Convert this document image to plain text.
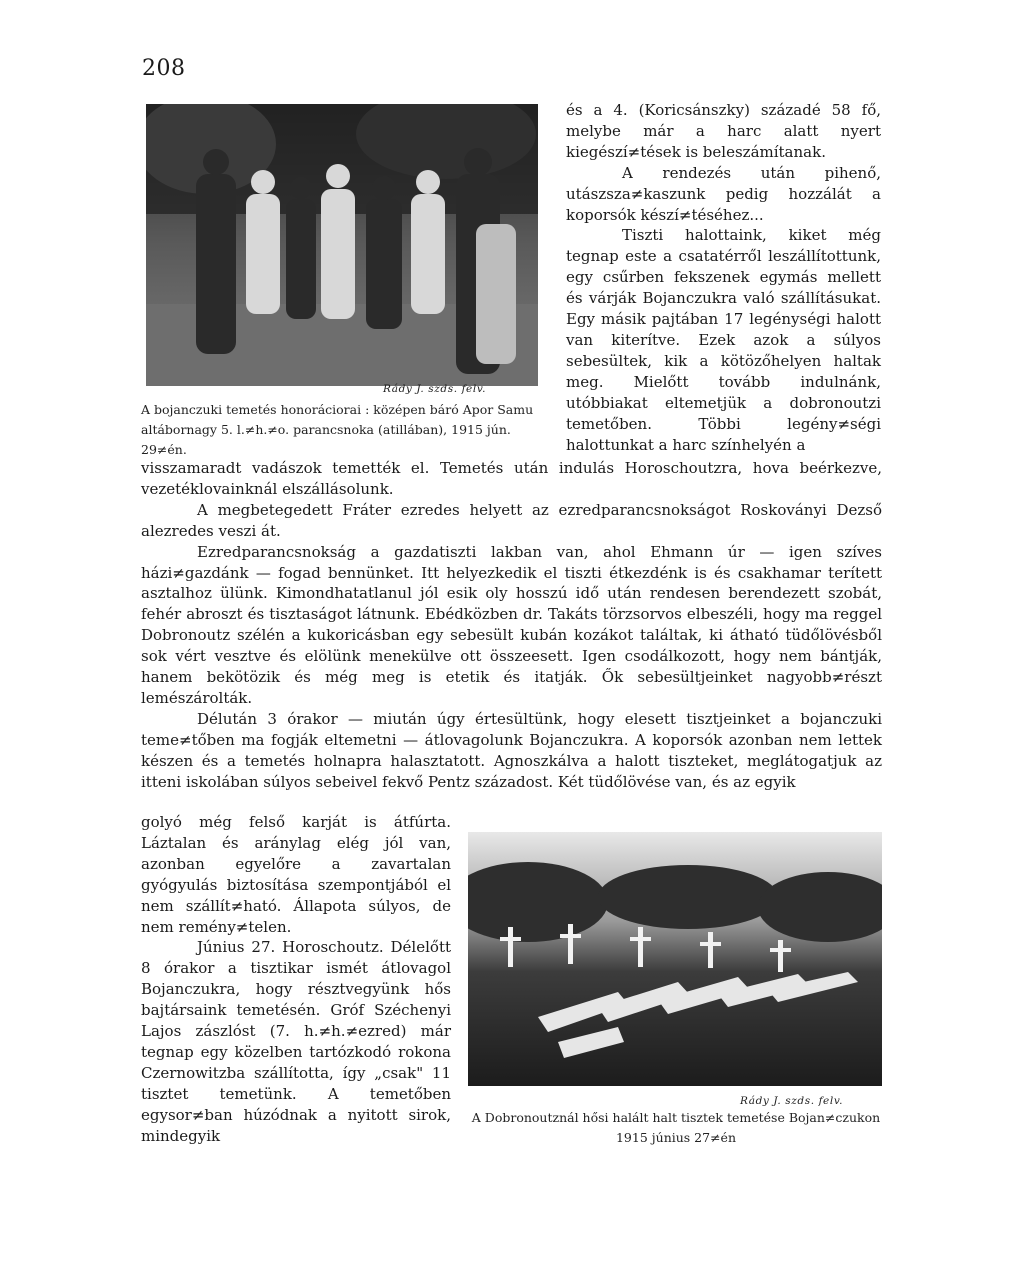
208
Rády J. szds. felv.
A bojanczuki temetés honoráciorai : középen báró Apor Samu altábornagy 5. l.≠h.≠o. parancsnoka (atillában), 1915 jún. 29≠én.

és a 4. (Koricsánszky) századé 58 fő, melybe már a harc alatt nyert kiegészí≠tések is beleszámítanak.

A rendezés után pihenő, utászsza≠kaszunk pedig hozzálát a koporsók készí≠téséhez...

Tiszti halottaink, kiket még tegnap este a csatatérről leszállítottunk, egy csűrben fekszenek egymás mellett és várják Bojanczukra való szállításukat. Egy másik pajtában 17 legénységi halott van kiterítve. Ezek azok a súlyos sebesültek, kik a kötözőhelyen haltak meg. Mielőtt tovább indulnánk, utóbbiakat eltemetjük a dobronoutzi temetőben. Többi legény≠ségi halottunkat a harc színhelyén a

visszamaradt vadászok temették el. Temetés után indulás Horoschoutzra, hova beérkezve, vezetéklovainknál elszállásolunk.

A megbetegedett Fráter ezredes helyett az ezredparancsnokságot Roskoványi Dezső alezredes veszi át.

Ezredparancsnokság a gazdatiszti lakban van, ahol Ehmann úr — igen szíves házi≠gazdánk — fogad bennünket. Itt helyezkedik el tiszti étkezdénk is és csakhamar terített asztalhoz ülünk. Kimondhatatlanul jól esik oly hosszú idő után rendesen berendezett szobát, fehér abroszt és tisztaságot látnunk. Ebédközben dr. Takáts törzsorvos elbeszéli, hogy ma reggel Dobronoutz szélén a kukoricásban egy sebesült kubán kozákot találtak, ki átható tüdőlövésből sok vért vesztve és elölünk menekülve ott összeesett. Igen csodálkozott, hogy nem bántják, hanem bekötözik és még meg is etetik és itatják. Ők sebesültjeinket nagyobb≠részt lemészárolták.

Délután 3 órakor — miután úgy értesültünk, hogy elesett tisztjeinket a bojanczuki teme≠tőben ma fogják eltemetni — átlovagolunk Bojanczukra. A koporsók azonban nem lettek készen és a temetés holnapra halasztatott. Agnoszkálva a halott tiszteket, meglátogatjuk az itteni iskolában súlyos sebeivel fekvő Pentz századost. Két tüdőlövése van, és az egyik

golyó még felső karját is átfúrta. Láztalan és aránylag elég jól van, azonban egyelőre a zavartalan gyógyulás biztosítása szempontjából el nem szállít≠ható. Állapota súlyos, de nem remény≠telen.

Június 27. Horoschoutz. Délelőtt 8 órakor a tisztikar ismét átlovagol Bojanczukra, hogy résztvegyünk hős bajtársaink temetésén. Gróf Széchenyi Lajos zászlóst (7. h.≠h.≠ezred) már tegnap egy közelben tartózkodó rokona Czernowitzba szállította, így „csak" 11 tisztet temetünk. A temetőben egysor≠ban húzódnak a nyitott sirok, mindegyik

Rády J. szds. felv.
A Dobronoutznál hősi halált halt tisztek temetése Bojan≠czukon 1915 június 27≠én
